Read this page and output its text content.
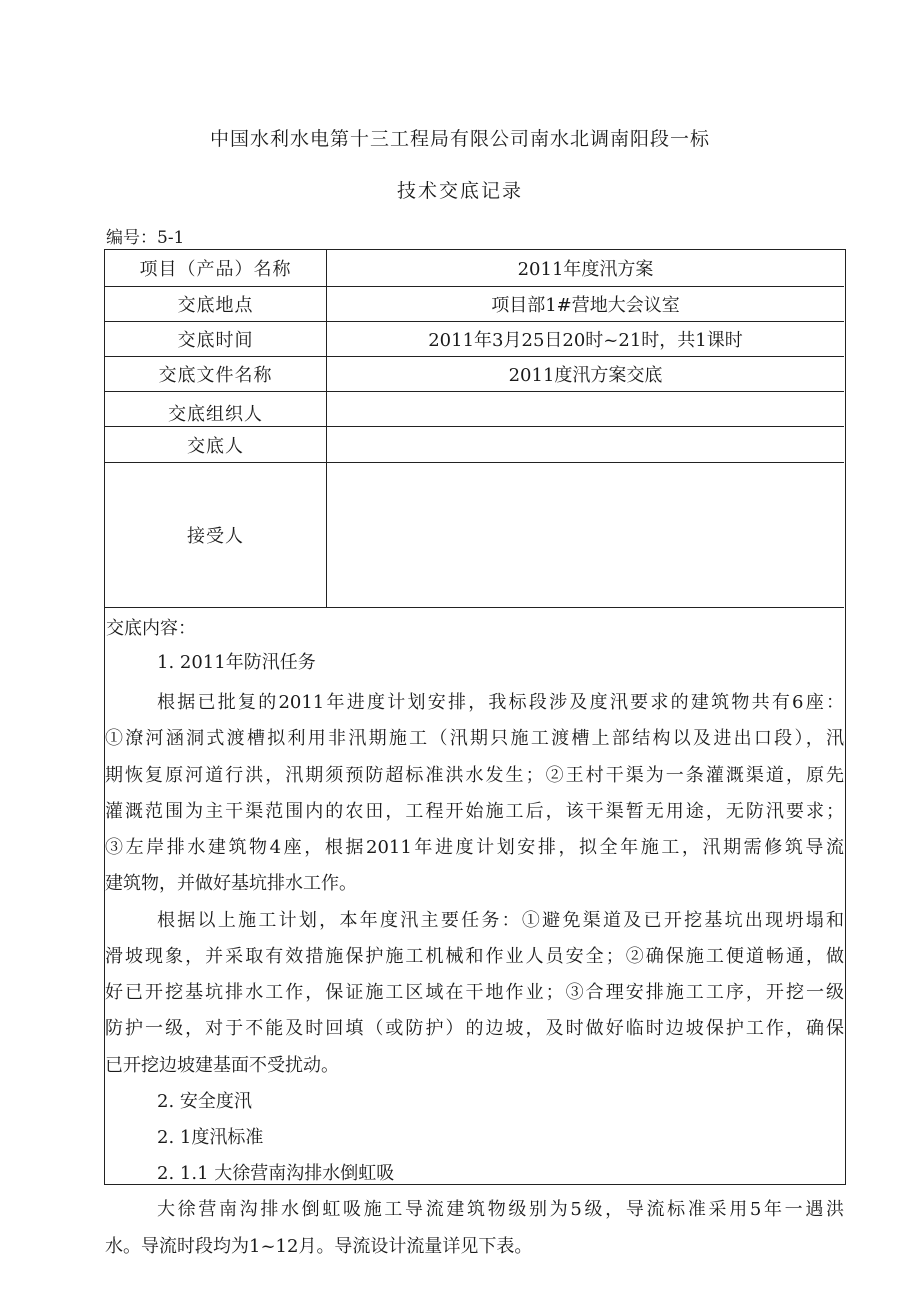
中国水利水电第十三工程局有限公司南水北调南阳段一标
技术交底记录
编号：5-1
项目（产品）名称	2011年度汛方案
交底地点	项目部1#营地大会议室
交底时间	2011年3月25日20时~21时，共1课时
交底文件名称	2011度汛方案交底
交底组织人
交底人
接受人

交底内容：

1. 2011年防汛任务

根据已批复的2011年进度计划安排，我标段涉及度汛要求的建筑物共有6座：

①潦河涵洞式渡槽拟利用非汛期施工（汛期只施工渡槽上部结构以及进出口段），汛

期恢复原河道行洪，汛期须预防超标准洪水发生；②王村干渠为一条灌溉渠道，原先

灌溉范围为主干渠范围内的农田，工程开始施工后，该干渠暂无用途，无防汛要求；

③左岸排水建筑物4座，根据2011年进度计划安排，拟全年施工，汛期需修筑导流

建筑物，并做好基坑排水工作。

根据以上施工计划，本年度汛主要任务：①避免渠道及已开挖基坑出现坍塌和

滑坡现象，并采取有效措施保护施工机械和作业人员安全；②确保施工便道畅通，做

好已开挖基坑排水工作，保证施工区域在干地作业；③合理安排施工工序，开挖一级

防护一级，对于不能及时回填（或防护）的边坡，及时做好临时边坡保护工作，确保

已开挖边坡建基面不受扰动。

2. 安全度汛

2. 1度汛标准

2. 1.1 大徐营南沟排水倒虹吸

大徐营南沟排水倒虹吸施工导流建筑物级别为5级，导流标准采用5年一遇洪

水。导流时段均为1~12月。导流设计流量详见下表。
